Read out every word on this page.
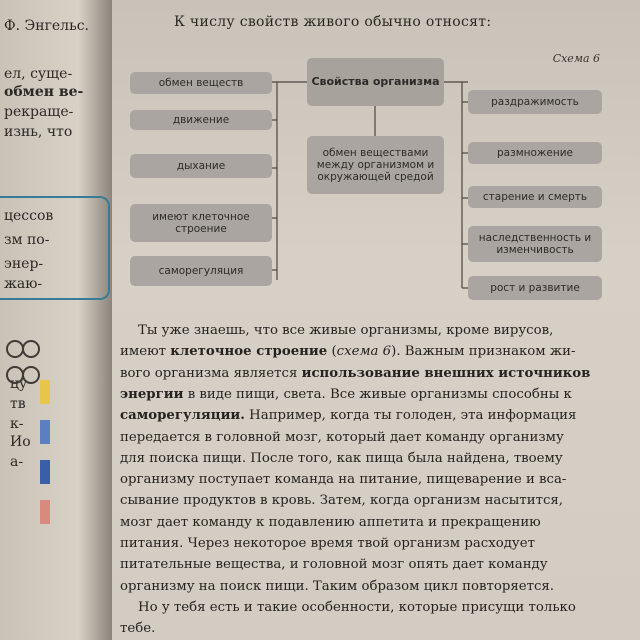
Ф. Энгельс.
ел, суще-
обмен ве-
рекраще-
изнь, что
цессов
зм по-
энер-
жаю-
цу
тв
к-
Ио
а-
К числу свойств живого обычно относят:
Схема 6
Свойства организма
обмен веществами между организмом и окружающей средой
обмен веществ
движение
дыхание
имеют клеточное строение
саморегуляция
раздражимость
размножение
старение и смерть
наследственность и изменчивость
рост и развитие
Ты уже знаешь, что все живые организмы, кроме вирусов,
имеют клеточное строение (схема 6). Важным признаком жи-
вого организма является использование внешних источников
энергии в виде пищи, света. Все живые организмы способны к
саморегуляции. Например, когда ты голоден, эта информация
передается в головной мозг, который дает команду организму
для поиска пищи. После того, как пища была найдена, твоему
организму поступает команда на питание, пищеварение и вса-
сывание продуктов в кровь. Затем, когда организм насытится,
мозг дает команду к подавлению аппетита и прекращению
питания. Через некоторое время твой организм расходует
питательные вещества, и головной мозг опять дает команду
организму на поиск пищи. Таким образом цикл повторяется.
Но у тебя есть и такие особенности, которые присущи только
тебе.
